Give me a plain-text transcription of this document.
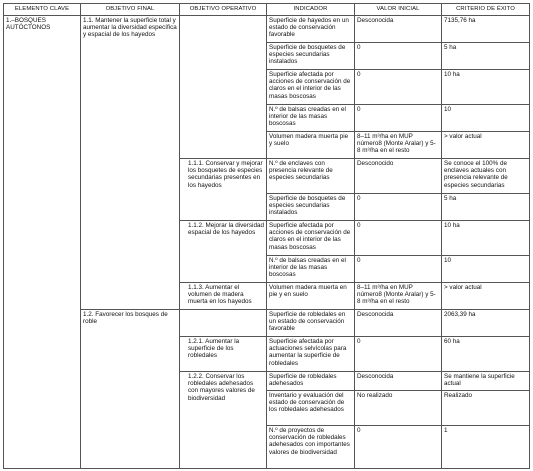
ELEMENTO CLAVE	OBJETIVO FINAL	OBJETIVO OPERATIVO	INDICADOR	VALOR INICIAL	CRITERIO DE ÉXITO
1.–BOSQUES AUTÓCTONOS	1.1. Mantener la superficie total y aumentar la diversidad específica y espacial de los hayedos		Superficie de hayedos en un estado de conservación favorable	Desconocida	7135,76 ha
			Superficie de bosquetes de especies secundarias instalados	0	5 ha
			Superficie afectada por acciones de conservación de claros en el interior de las masas boscosas	0	10 ha
			N.º de balsas creadas en el interior de las masas boscosas	0	10
			Volumen madera muerta pie y suelo	8–11 m³/ha en MUP número8 (Monte Aralar) y 5-8 m³/ha en el resto	> valor actual
		1.1.1. Conservar y mejorar los bosquetes de especies secundarias presentes en los hayedos	N.º de enclaves con presencia relevante de especies secundarias	Desconocido	Se conoce el 100% de enclaves actuales con presencia relevante de especies secundarias
			Superficie de bosquetes de especies secundarias instalados	0	5 ha
		1.1.2. Mejorar la diversidad espacial de los hayedos	Superficie afectada por acciones de conservación de claros en el interior de las masas boscosas	0	10 ha
			N.º de balsas creadas en el interior de las masas boscosas	0	10
		1.1.3. Aumentar el volumen de madera muerta en los hayedos	Volumen madera muerta en pie y en suelo	8–11 m³/ha en MUP número8 (Monte Aralar) y 5-8 m³/ha en el resto	> valor actual
	1.2. Favorecer los bosques de roble		Superficie de robledales en un estado de conservación favorable	Desconocida	2063,39 ha
		1.2.1. Aumentar la superficie de los robledales	Superficie afectada por actuaciones selvícolas para aumentar la superficie de robledales	0	60 ha
		1.2.2. Conservar los robledales adehesados con mayores valores de biodiversidad	Superficie de robledales adehesados	Desconocida	Se mantiene la superficie actual
			Inventario y evaluación del estado de conservación de los robledales adehesados	No realizado	Realizado
			N.º de proyectos de conservación de robledales adehesados con importantes valores de biodiversidad	0	1
